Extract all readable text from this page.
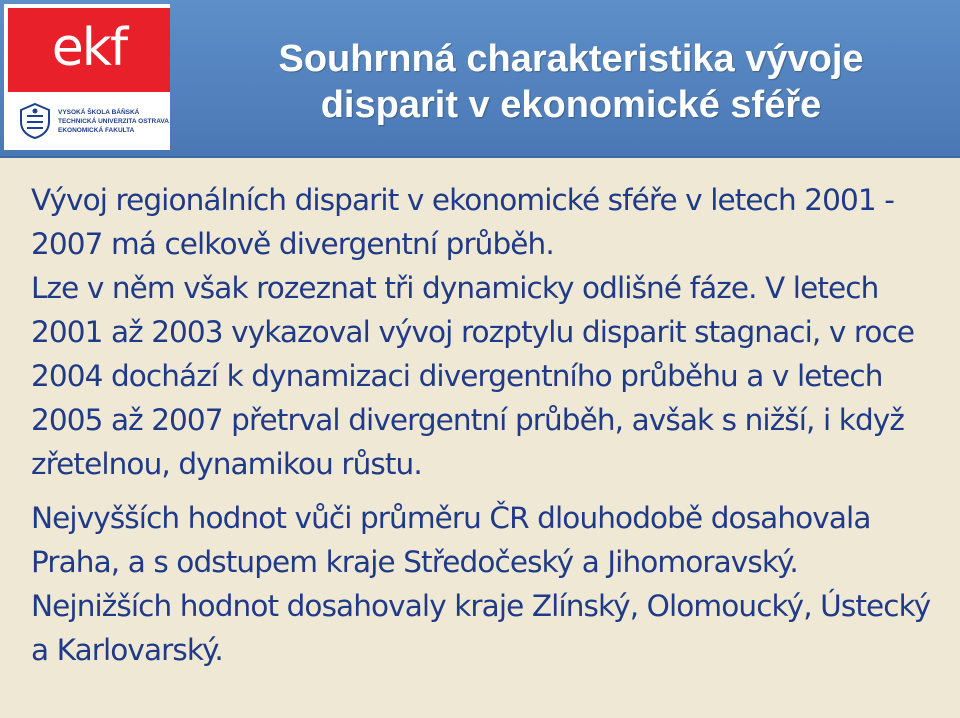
ekf
VYSOKÁ ŠKOLA BÁŇSKÁ
TECHNICKÁ UNIVERZITA OSTRAVA
EKONOMICKÁ FAKULTA
Souhrnná charakteristika vývoje
disparit v ekonomické sféře

Vývoj regionálních disparit v ekonomické sféře v letech 2001 - 2007 má celkově divergentní průběh.

Lze v něm však rozeznat tři dynamicky odlišné fáze. V letech 2001 až 2003 vykazoval vývoj rozptylu disparit stagnaci, v roce 2004 dochází k dynamizaci divergentního průběhu a v letech 2005 až 2007 přetrval divergentní průběh, avšak s nižší, i když zřetelnou, dynamikou růstu.

Nejvyšších hodnot vůči průměru ČR dlouhodobě dosahovala Praha, a s odstupem kraje Středočeský a Jihomoravský. Nejnižších hodnot dosahovaly kraje Zlínský, Olomoucký, Ústecký a Karlovarský.
